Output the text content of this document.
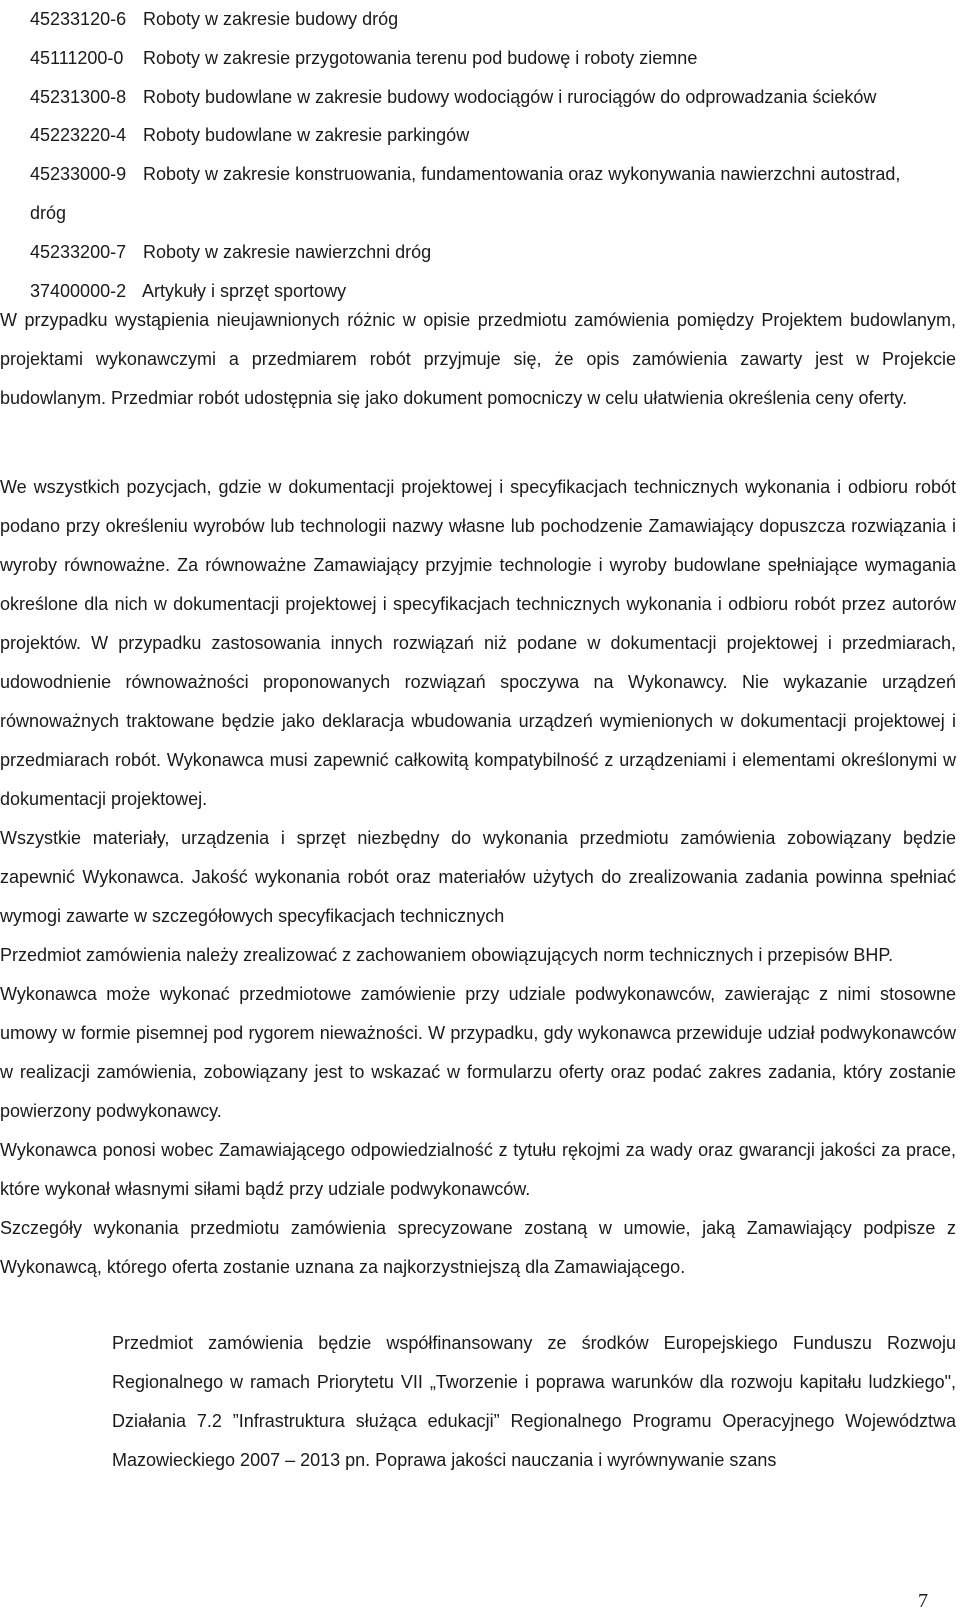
45233120-6 Roboty w zakresie budowy dróg
45111200-0 Roboty w zakresie przygotowania terenu pod budowę i roboty ziemne
45231300-8 Roboty budowlane w zakresie budowy wodociągów i rurociągów do odprowadzania ścieków
45223220-4 Roboty budowlane w zakresie parkingów
45233000-9 Roboty w zakresie konstruowania, fundamentowania oraz wykonywania nawierzchni autostrad, dróg
45233200-7 Roboty w zakresie nawierzchni dróg
37400000-2 Artykuły i sprzęt sportowy

W przypadku wystąpienia nieujawnionych różnic w opisie przedmiotu zamówienia pomiędzy Projektem budowlanym, projektami wykonawczymi a przedmiarem robót przyjmuje się, że opis zamówienia zawarty jest w Projekcie budowlanym. Przedmiar robót udostępnia się jako dokument pomocniczy w celu ułatwienia określenia ceny oferty.

We wszystkich pozycjach, gdzie w dokumentacji projektowej i specyfikacjach technicznych wykonania i odbioru robót podano przy określeniu wyrobów lub technologii nazwy własne lub pochodzenie Zamawiający dopuszcza rozwiązania i wyroby równoważne. Za równoważne Zamawiający przyjmie technologie i wyroby budowlane spełniające wymagania określone dla nich w dokumentacji projektowej i specyfikacjach technicznych wykonania i odbioru robót przez autorów projektów. W przypadku zastosowania innych rozwiązań niż podane w dokumentacji projektowej i przedmiarach, udowodnienie równoważności proponowanych rozwiązań spoczywa na Wykonawcy. Nie wykazanie urządzeń równoważnych traktowane będzie jako deklaracja wbudowania urządzeń wymienionych w dokumentacji projektowej i przedmiarach robót. Wykonawca musi zapewnić całkowitą kompatybilność z urządzeniami i elementami określonymi w dokumentacji projektowej.

Wszystkie materiały, urządzenia i sprzęt niezbędny do wykonania przedmiotu zamówienia zobowiązany będzie zapewnić Wykonawca. Jakość wykonania robót oraz materiałów użytych do zrealizowania zadania powinna spełniać wymogi zawarte w szczegółowych specyfikacjach technicznych

Przedmiot zamówienia należy zrealizować z zachowaniem obowiązujących norm technicznych i przepisów BHP.

Wykonawca może wykonać przedmiotowe zamówienie przy udziale podwykonawców, zawierając z nimi stosowne umowy w formie pisemnej pod rygorem nieważności. W przypadku, gdy wykonawca przewiduje udział podwykonawców w realizacji zamówienia, zobowiązany jest to wskazać w formularzu oferty oraz podać zakres zadania, który zostanie powierzony podwykonawcy.

Wykonawca ponosi wobec Zamawiającego odpowiedzialność z tytułu rękojmi za wady oraz gwarancji jakości za prace, które wykonał własnymi siłami bądź przy udziale podwykonawców.

Szczegóły wykonania przedmiotu zamówienia sprecyzowane zostaną w umowie, jaką Zamawiający podpisze z Wykonawcą, którego oferta zostanie uznana za najkorzystniejszą dla Zamawiającego.

Przedmiot zamówienia będzie współfinansowany ze środków Europejskiego Funduszu Rozwoju Regionalnego w ramach Priorytetu VII „Tworzenie i poprawa warunków dla rozwoju kapitału ludzkiego", Działania 7.2 ”Infrastruktura służąca edukacji” Regionalnego Programu Operacyjnego Województwa Mazowieckiego 2007 – 2013 pn. Poprawa jakości nauczania i wyrównywanie szans

7
